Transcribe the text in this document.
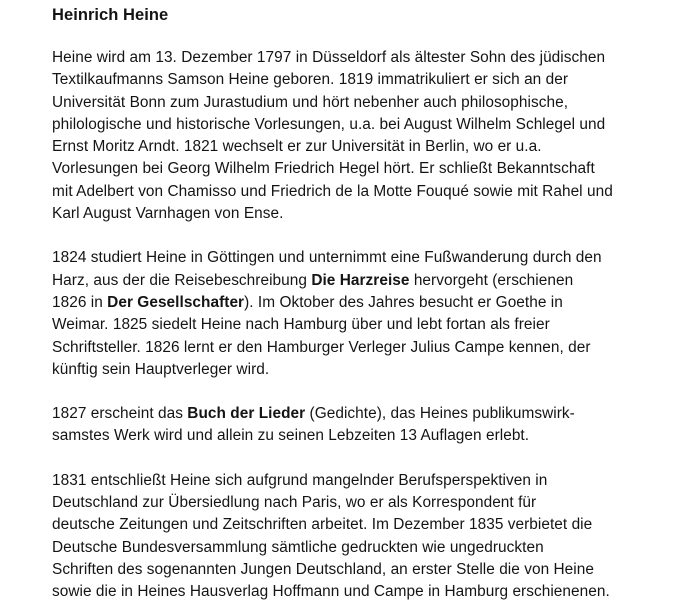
Heinrich Heine
Heine wird am 13. Dezember 1797 in Düsseldorf als ältester Sohn des jüdischen
Textilkaufmanns Samson Heine geboren. 1819 immatrikuliert er sich an der
Universität Bonn zum Jurastudium und hört nebenher auch philosophische,
philologische und historische Vorlesungen, u.a. bei August Wilhelm Schlegel und
Ernst Moritz Arndt. 1821 wechselt er zur Universität in Berlin, wo er u.a.
Vorlesungen bei Georg Wilhelm Friedrich Hegel hört. Er schließt Bekanntschaft
mit Adelbert von Chamisso und Friedrich de la Motte Fouqué sowie mit Rahel und
Karl August Varnhagen von Ense.
1824 studiert Heine in Göttingen und unternimmt eine Fußwanderung durch den
Harz, aus der die Reisebeschreibung Die Harzreise hervorgeht (erschienen
1826 in Der Gesellschafter). Im Oktober des Jahres besucht er Goethe in
Weimar. 1825 siedelt Heine nach Hamburg über und lebt fortan als freier
Schriftsteller. 1826 lernt er den Hamburger Verleger Julius Campe kennen, der
künftig sein Hauptverleger wird.
1827 erscheint das Buch der Lieder (Gedichte), das Heines publikumswirk-
samstes Werk wird und allein zu seinen Lebzeiten 13 Auflagen erlebt.
1831 entschließt Heine sich aufgrund mangelnder Berufsperspektiven in
Deutschland zur Übersiedlung nach Paris, wo er als Korrespondent für
deutsche Zeitungen und Zeitschriften arbeitet. Im Dezember 1835 verbietet die
Deutsche Bundesversammlung sämtliche gedruckten wie ungedruckten
Schriften des sogenannten Jungen Deutschland, an erster Stelle die von Heine
sowie die in Heines Hausverlag Hoffmann und Campe in Hamburg erschienenen.
